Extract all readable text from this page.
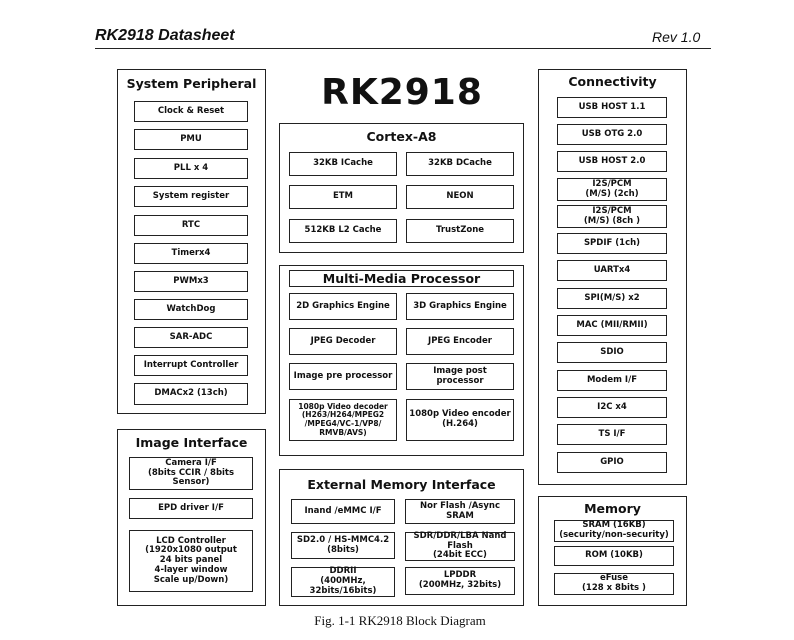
RK2918 Datasheet	Rev 1.0
System Peripheral
Clock & Reset
PMU
PLL x 4
System register
RTC
Timerx4
PWMx3
WatchDog
SAR-ADC
Interrupt Controller
DMACx2 (13ch)
Image Interface
Camera I/F
(8bits CCIR / 8bits
Sensor)
EPD driver I/F
LCD Controller
(1920x1080 output
24 bits panel
4-layer window
Scale up/Down)
RK2918
Cortex-A8
32KB ICache	32KB DCache
ETM	NEON
512KB L2 Cache	TrustZone
Multi-Media Processor
2D Graphics Engine	3D Graphics Engine
JPEG Decoder	JPEG Encoder
Image pre processor	Image post processor
1080p Video decoder
(H263/H264/MPEG2
/MPEG4/VC-1/VP8/
RMVB/AVS)
1080p Video encoder
(H.264)
External Memory Interface
Inand /eMMC I/F	Nor Flash /Async
SRAM
SD2.0 / HS-MMC4.2
(8bits)
SDR/DDR/LBA Nand
Flash
(24bit ECC)
DDRII
(400MHz,
32bits/16bits)
LPDDR
(200MHz, 32bits)
Connectivity
USB HOST 1.1
USB OTG 2.0
USB HOST 2.0
I2S/PCM
(M/S) (2ch)
I2S/PCM
(M/S) (8ch )
SPDIF (1ch)
UARTx4
SPI(M/S) x2
MAC (MII/RMII)
SDIO
Modem I/F
I2C x4
TS I/F
GPIO
Memory
SRAM (16KB)
(security/non-security)
ROM (10KB)
eFuse
(128 x 8bits )
Fig. 1-1 RK2918 Block Diagram
